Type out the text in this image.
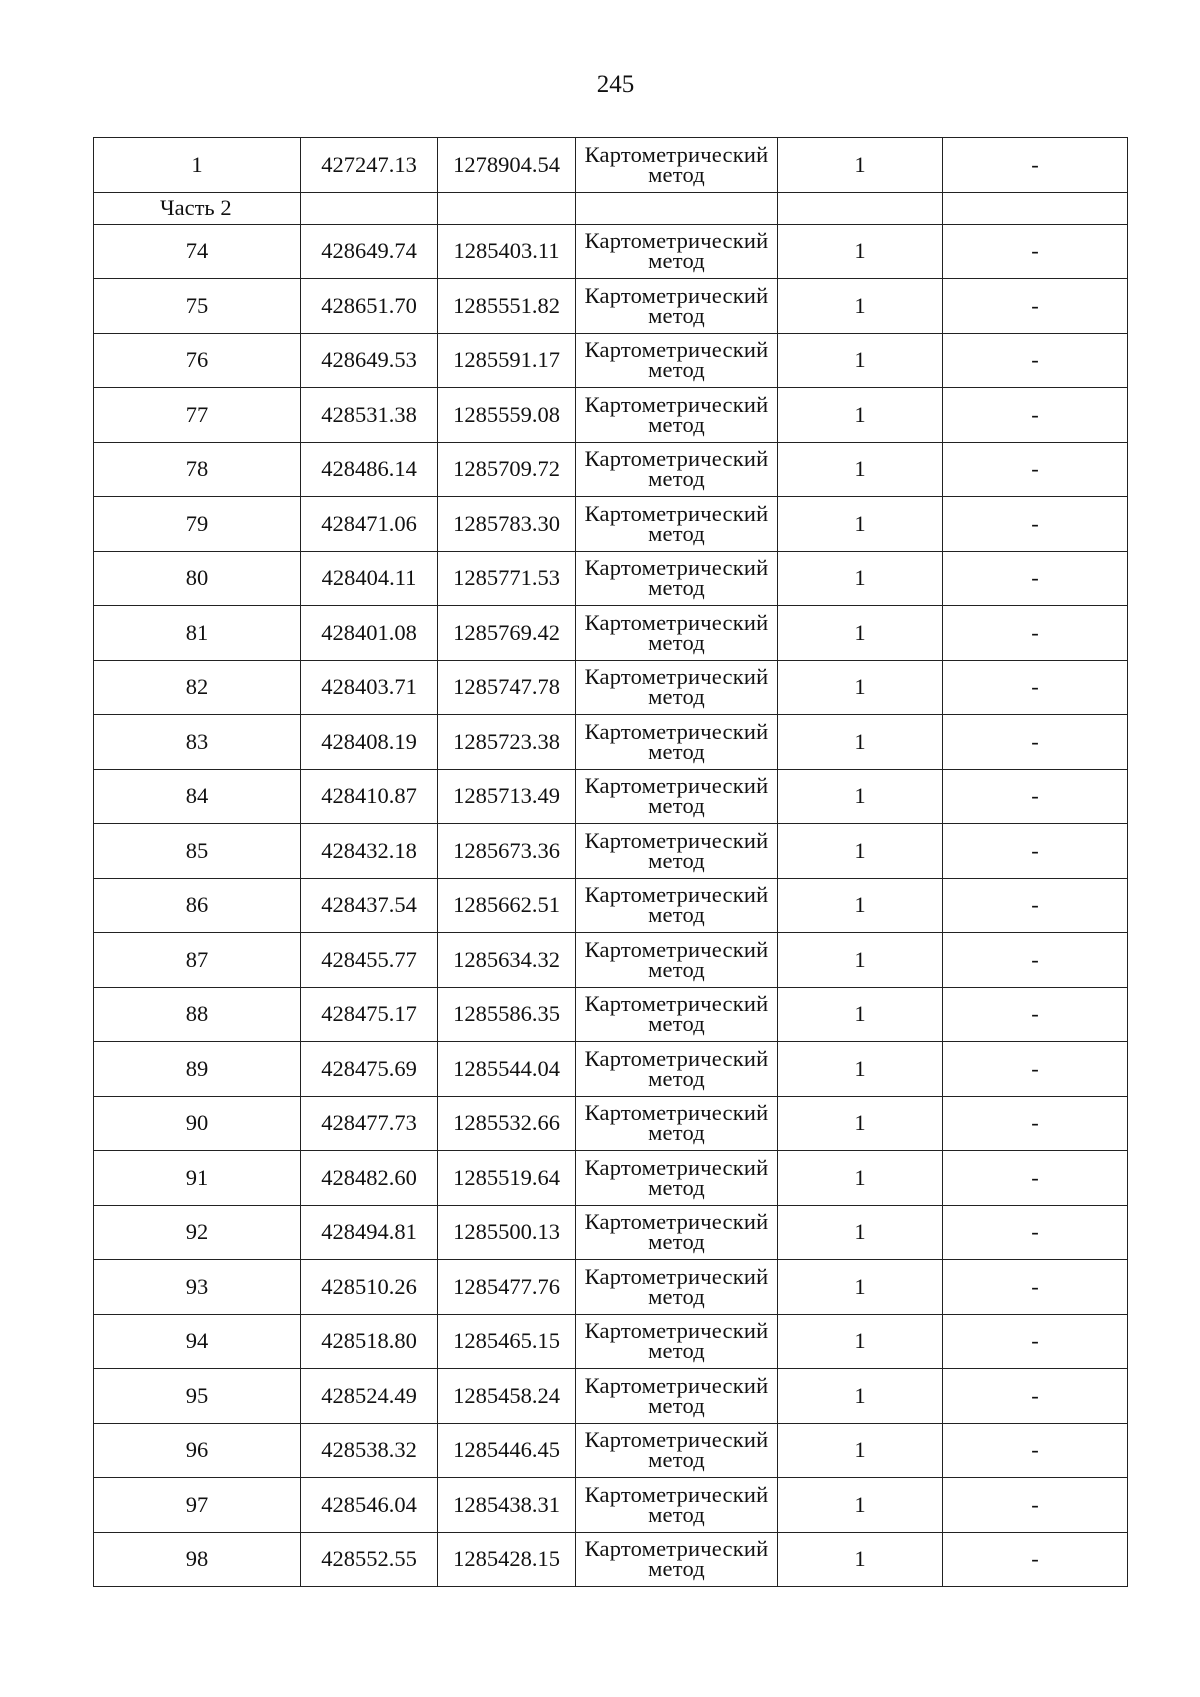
245
1	427247.13	1278904.54	Картометрический
метод	1	-
Часть 2					
74	428649.74	1285403.11	Картометрический
метод	1	-
75	428651.70	1285551.82	Картометрический
метод	1	-
76	428649.53	1285591.17	Картометрический
метод	1	-
77	428531.38	1285559.08	Картометрический
метод	1	-
78	428486.14	1285709.72	Картометрический
метод	1	-
79	428471.06	1285783.30	Картометрический
метод	1	-
80	428404.11	1285771.53	Картометрический
метод	1	-
81	428401.08	1285769.42	Картометрический
метод	1	-
82	428403.71	1285747.78	Картометрический
метод	1	-
83	428408.19	1285723.38	Картометрический
метод	1	-
84	428410.87	1285713.49	Картометрический
метод	1	-
85	428432.18	1285673.36	Картометрический
метод	1	-
86	428437.54	1285662.51	Картометрический
метод	1	-
87	428455.77	1285634.32	Картометрический
метод	1	-
88	428475.17	1285586.35	Картометрический
метод	1	-
89	428475.69	1285544.04	Картометрический
метод	1	-
90	428477.73	1285532.66	Картометрический
метод	1	-
91	428482.60	1285519.64	Картометрический
метод	1	-
92	428494.81	1285500.13	Картометрический
метод	1	-
93	428510.26	1285477.76	Картометрический
метод	1	-
94	428518.80	1285465.15	Картометрический
метод	1	-
95	428524.49	1285458.24	Картометрический
метод	1	-
96	428538.32	1285446.45	Картометрический
метод	1	-
97	428546.04	1285438.31	Картометрический
метод	1	-
98	428552.55	1285428.15	Картометрический
метод	1	-
